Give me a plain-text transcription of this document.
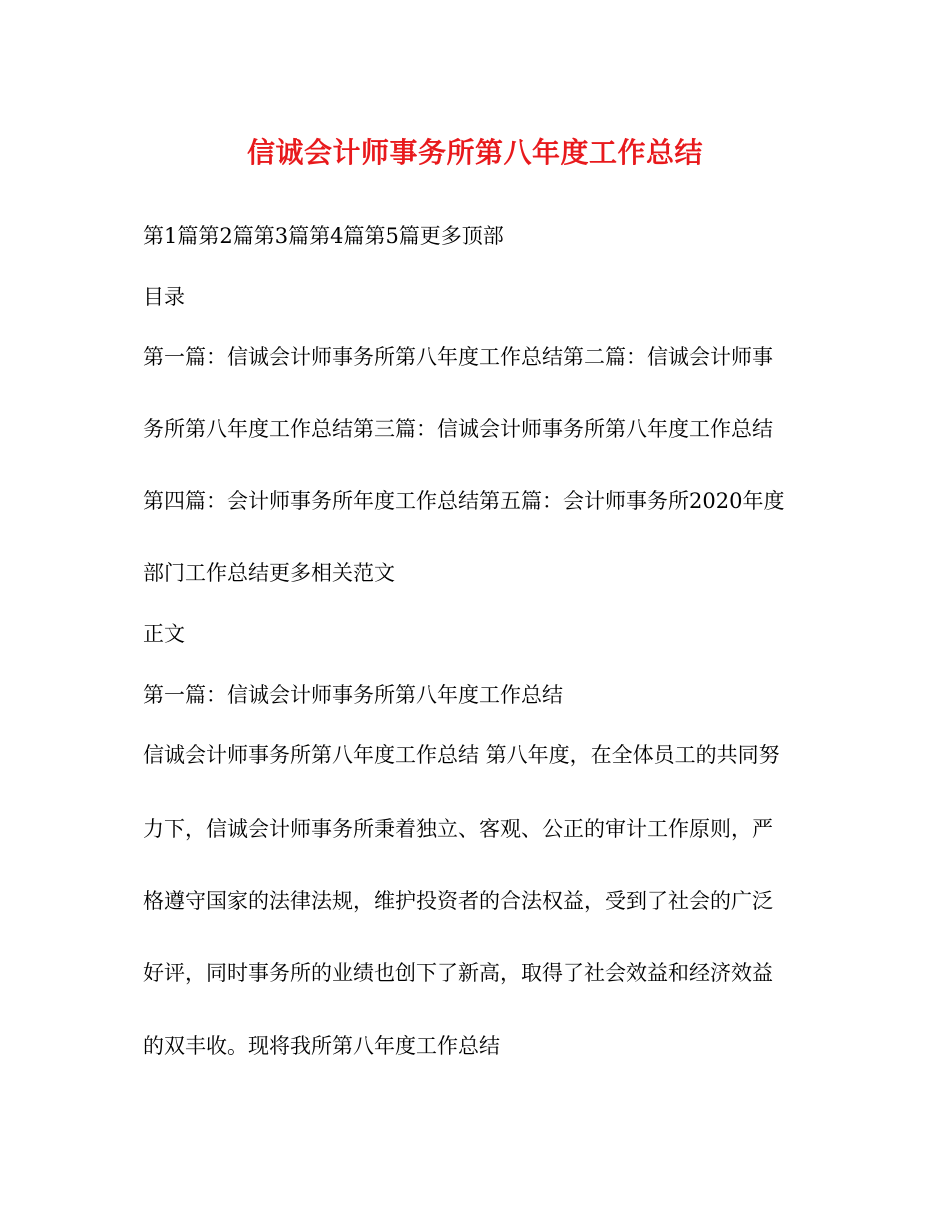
信诚会计师事务所第八年度工作总结
第1篇第2篇第3篇第4篇第5篇更多顶部
目录
第一篇：信诚会计师事务所第八年度工作总结第二篇：信诚会计师事
务所第八年度工作总结第三篇：信诚会计师事务所第八年度工作总结
第四篇：会计师事务所年度工作总结第五篇：会计师事务所2020年度
部门工作总结更多相关范文
正文
第一篇：信诚会计师事务所第八年度工作总结
信诚会计师事务所第八年度工作总结 第八年度，在全体员工的共同努
力下，信诚会计师事务所秉着独立、客观、公正的审计工作原则，严
格遵守国家的法律法规，维护投资者的合法权益，受到了社会的广泛
好评，同时事务所的业绩也创下了新高，取得了社会效益和经济效益
的双丰收。现将我所第八年度工作总结
